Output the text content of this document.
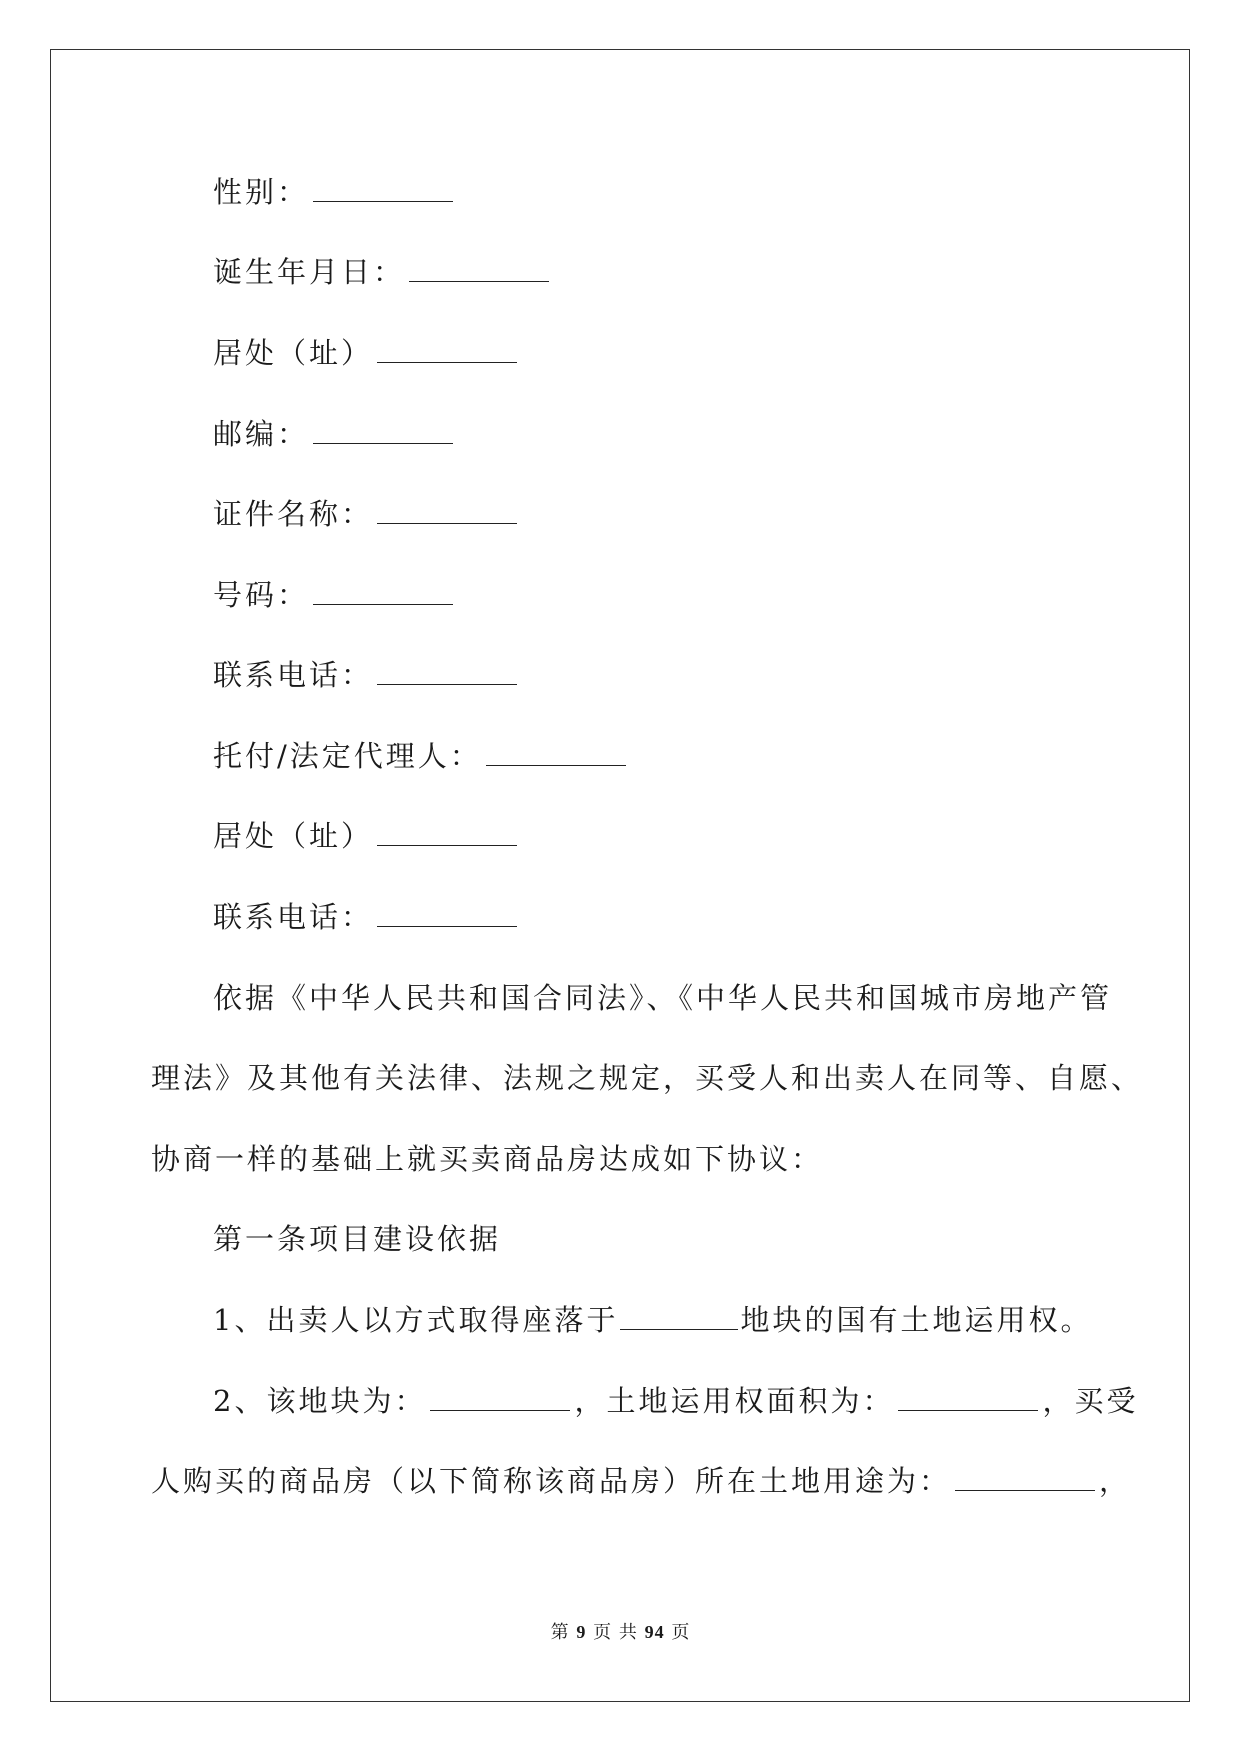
性别：
诞生年月日：
居处（址）
邮编：
证件名称：
号码：
联系电话：
托付/法定代理人：
居处（址）
联系电话：
依据《中华人民共和国合同法》、《中华人民共和国城市房地产管
理法》及其他有关法律、法规之规定，买受人和出卖人在同等、自愿、
协商一样的基础上就买卖商品房达成如下协议：
第一条项目建设依据
1、出卖人以方式取得座落于	地块的国有土地运用权。
2、该地块为：	，土地运用权面积为：	，买受
人购买的商品房（以下简称该商品房）所在土地用途为：	，
第 9 页 共 94 页
